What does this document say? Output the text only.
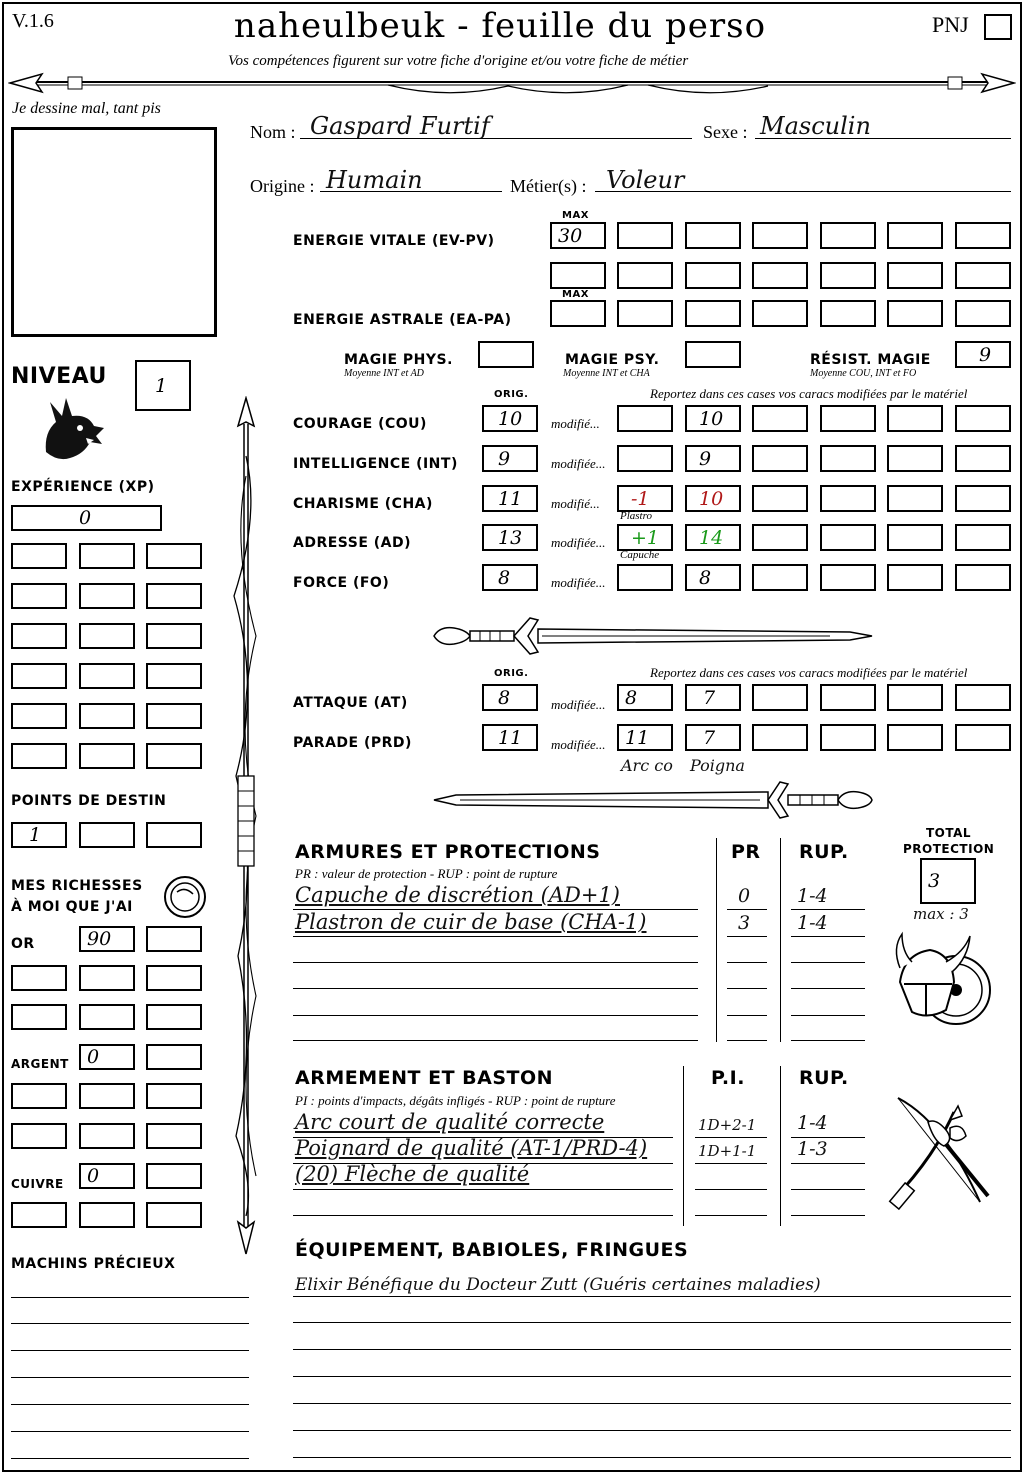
V.1.6	naheulbeuk - feuille du perso	PNJ
Vos compétences figurent sur votre fiche d'origine et/ou votre fiche de métier
Je dessine mal, tant pis
Nom : Gaspard Furtif	Sexe : Masculin
Origine : Humain	Métier(s) : Voleur
MAX
ENERGIE VITALE (EV-PV)	30
MAX
ENERGIE ASTRALE (EA-PA)
MAGIE PHYS.
Moyenne INT et AD
MAGIE PSY.
Moyenne INT et CHA
RÉSIST. MAGIE
Moyenne COU, INT et FO
9
NIVEAU	1
EXPÉRIENCE (XP)
0
POINTS DE DESTIN
1
MES RICHESSES
À MOI QUE J'AI
OR	90
ARGENT 0
CUIVRE 0
MACHINS PRÉCIEUX
ORIG.	Reportez dans ces cases vos caracs modifiées par le matériel
COURAGE (COU)	10 modifié...	10
INTELLIGENCE (INT)	9	modifiée...	9
CHARISME (CHA)	11 modifié...	-1	10
Plastro
ADRESSE (AD)	13 modifiée...	+1	14
Capuche
FORCE (FO)	8	modifiée...	8
ORIG.	Reportez dans ces cases vos caracs modifiées par le matériel
ATTAQUE (AT)	8	modifiée... 8	7
PARADE (PRD)	11 modifiée... 11	7
Arc co Poigna
ARMURES ET PROTECTIONS
PR : valeur de protection - RUP : point de rupture
PR RUP.
Capuche de discrétion (AD+1)	0 1-4
Plastron de cuir de base (CHA-1)	3 1-4
TOTAL
PROTECTION
3
max : 3
ARMEMENT ET BASTON
PI : points d'impacts, dégâts infligés - RUP : point de rupture
P.I.	RUP.
Arc court de qualité correcte	1D+2-1 1-4
Poignard de qualité (AT-1/PRD-4)	1D+1-1 1-3
(20) Flèche de qualité
ÉQUIPEMENT, BABIOLES, FRINGUES
Elixir Bénéfique du Docteur Zutt (Guéris certaines maladies)
